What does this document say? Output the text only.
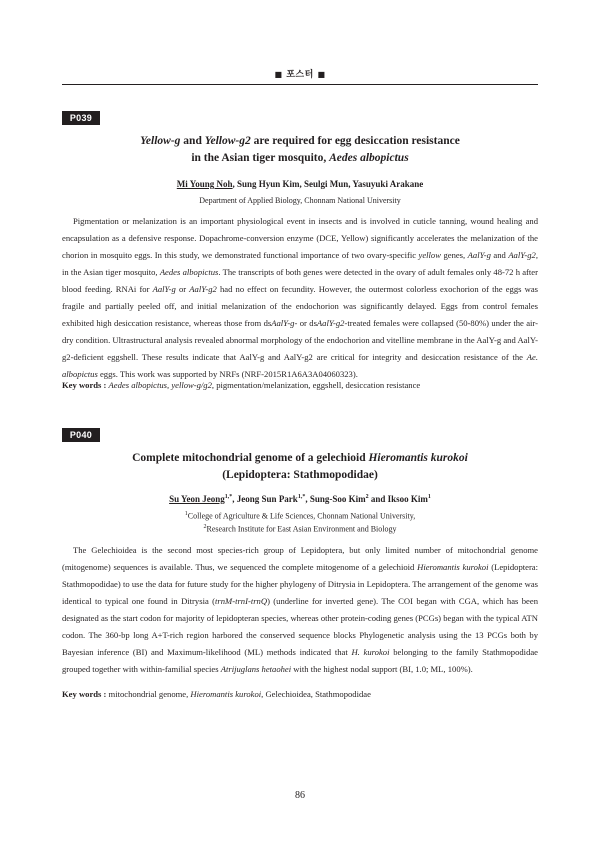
■ 포스터 ■
P039
Yellow-g and Yellow-g2 are required for egg desiccation resistance
in the Asian tiger mosquito, Aedes albopictus
Mi Young Noh, Sung Hyun Kim, Seulgi Mun, Yasuyuki Arakane
Department of Applied Biology, Chonnam National University

Pigmentation or melanization is an important physiological event in insects and is involved in cuticle tanning, wound healing and encapsulation as a defensive response. Dopachrome-conversion enzyme (DCE, Yellow) significantly accelerates the melanization of the chorion in mosquito eggs. In this study, we demonstrated functional importance of two ovary-specific yellow genes, AalY-g and AalY-g2, in the Asian tiger mosquito, Aedes albopictus. The transcripts of both genes were detected in the ovary of adult females only 48-72 h after blood feeding. RNAi for AalY-g or AalY-g2 had no effect on fecundity. However, the outermost colorless exochorion of the eggs was fragile and partially peeled off, and initial melanization of the endochorion was significantly delayed. Eggs from control females exhibited high desiccation resistance, whereas those from dsAalY-g- or dsAalY-g2-treated females were collapsed (50-80%) under the air-dry condition. Ultrastructural analysis revealed abnormal morphology of the endochorion and vitelline membrane in the AalY-g and AalY-g2-deficient eggshell. These results indicate that AalY-g and AalY-g2 are critical for integrity and desiccation resistance of the Ae. albopictus eggs. This work was supported by NRFs (NRF-2015R1A6A3A04060323).

Key words : Aedes albopictus, yellow-g/g2, pigmentation/melanization, eggshell, desiccation resistance
P040
Complete mitochondrial genome of a gelechioid Hieromantis kurokoi
(Lepidoptera: Stathmopodidae)
Su Yeon Jeong$^{1,*}$, Jeong Sun Park$^{1,*}$, Sung-Soo Kim$^2$ and Iksoo Kim$^1$
$^1$College of Agriculture & Life Sciences, Chonnam National University,
$^2$Research Institute for East Asian Environment and Biology

The Gelechioidea is the second most species-rich group of Lepidoptera, but only limited number of mitochondrial genome (mitogenome) sequences is available. Thus, we sequenced the complete mitogenome of a gelechioid Hieromantis kurokoi (Lepidoptera: Stathmopodidae) to use the data for future study for the higher phylogeny of Ditrysia in Lepidoptera. The arrangement of the genome was identical to typical one found in Ditrysia (trnM-trnI-trnQ) (underline for inverted gene). The COI began with CGA, which has been designated as the start codon for majority of lepidopteran species, whereas other protein-coding genes (PCGs) began with the typical ATN codon. The 360-bp long A+T-rich region harbored the conserved sequence blocks Phylogenetic analysis using the 13 PCGs both by Bayesian inference (BI) and Maximum-likelihood (ML) methods indicated that H. kurokoi belonging to the family Stathmopodidae grouped together with within-familial species Atrijuglans hetaohei with the highest nodal support (BI, 1.0; ML, 100%).

Key words : mitochondrial genome, Hieromantis kurokoi, Gelechioidea, Stathmopodidae
86
